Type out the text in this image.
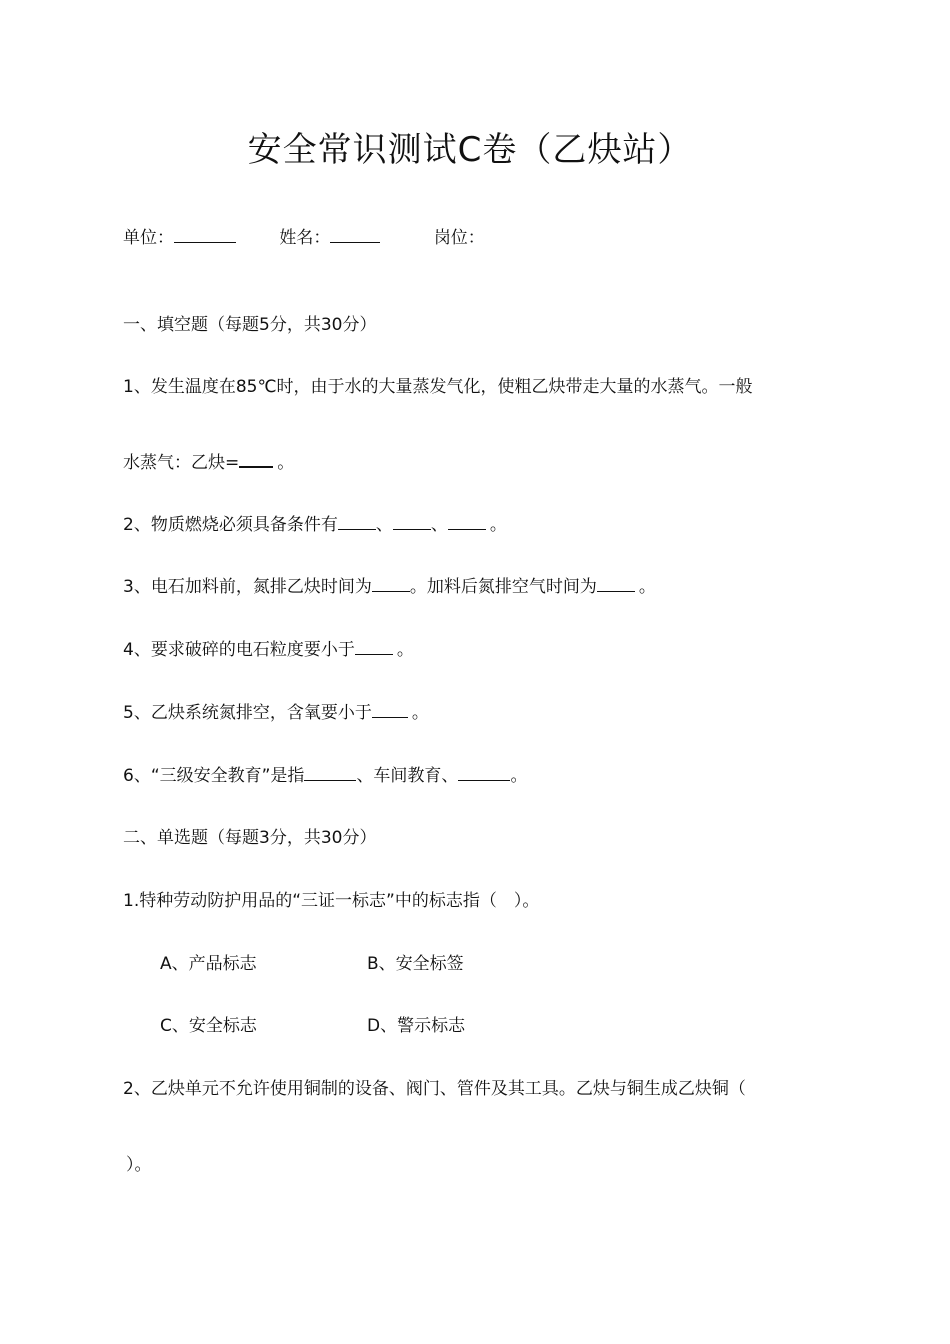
安全常识测试C卷（乙炔站）
单位：	姓名：	岗位：
一、填空题（每题5分，共30分）
1、发生温度在85℃时，由于水的大量蒸发气化，使粗乙炔带走大量的水蒸气。一般
水蒸气：乙炔= 。
2、物质燃烧必须具备条件有 、 、 。
3、电石加料前，氮排乙炔时间为 。加料后氮排空气时间为 。
4、要求破碎的电石粒度要小于 。
5、乙炔系统氮排空，含氧要小于 。
6、“三级安全教育”是指	、车间教育、	。
二、单选题（每题3分，共30分）
1.特种劳动防护用品的“三证一标志”中的标志指（　）。
A、产品标志	B、安全标签
C、安全标志	D、警示标志
2、乙炔单元不允许使用铜制的设备、阀门、管件及其工具。乙炔与铜生成乙炔铜（
）。
